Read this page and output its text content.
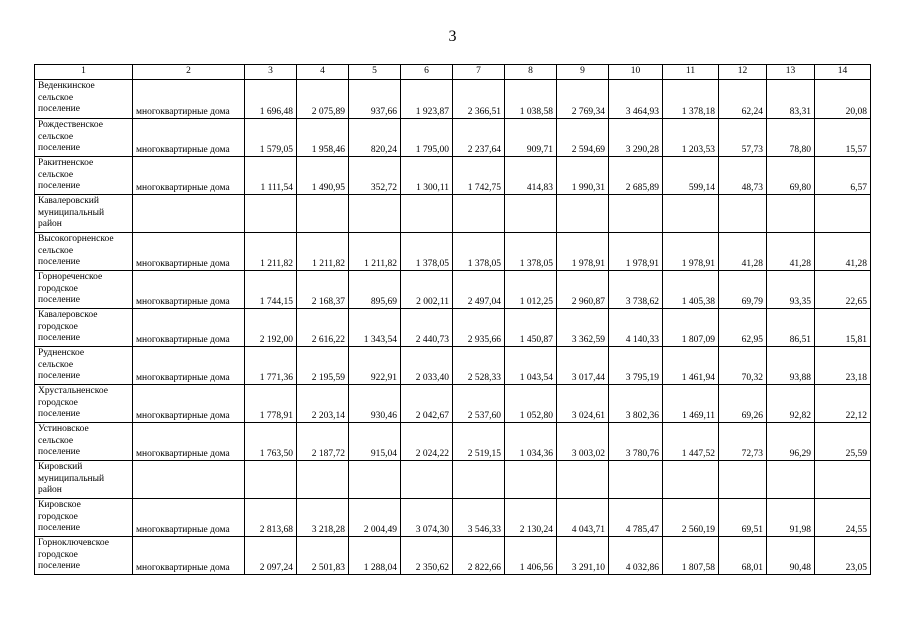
3
1	2	3	4	5	6	7	8	9	10	11	12	13	14

Веденкинское
сельское
поселение	многоквартирные дома	1 696,48	2 075,89	937,66	1 923,87	2 366,51	1 038,58	2 769,34	3 464,93	1 378,18	62,24	83,31	20,08

Рождественское
сельское
поселение	многоквартирные дома	1 579,05	1 958,46	820,24	1 795,00	2 237,64	909,71	2 594,69	3 290,28	1 203,53	57,73	78,80	15,57

Ракитненское
сельское
поселение	многоквартирные дома	1 111,54	1 490,95	352,72	1 300,11	1 742,75	414,83	1 990,31	2 685,89	599,14	48,73	69,80	6,57

Кавалеровский
муниципальный
район													

Высокогорненское
сельское
поселение	многоквартирные дома	1 211,82	1 211,82	1 211,82	1 378,05	1 378,05	1 378,05	1 978,91	1 978,91	1 978,91	41,28	41,28	41,28

Горнореченское
городское
поселение	многоквартирные дома	1 744,15	2 168,37	895,69	2 002,11	2 497,04	1 012,25	2 960,87	3 738,62	1 405,38	69,79	93,35	22,65

Кавалеровское
городское
поселение	многоквартирные дома	2 192,00	2 616,22	1 343,54	2 440,73	2 935,66	1 450,87	3 362,59	4 140,33	1 807,09	62,95	86,51	15,81

Рудненское
сельское
поселение	многоквартирные дома	1 771,36	2 195,59	922,91	2 033,40	2 528,33	1 043,54	3 017,44	3 795,19	1 461,94	70,32	93,88	23,18

Хрустальненское
городское
поселение	многоквартирные дома	1 778,91	2 203,14	930,46	2 042,67	2 537,60	1 052,80	3 024,61	3 802,36	1 469,11	69,26	92,82	22,12

Устиновское
сельское
поселение	многоквартирные дома	1 763,50	2 187,72	915,04	2 024,22	2 519,15	1 034,36	3 003,02	3 780,76	1 447,52	72,73	96,29	25,59

Кировский
муниципальный
район													

Кировское
городское
поселение	многоквартирные дома	2 813,68	3 218,28	2 004,49	3 074,30	3 546,33	2 130,24	4 043,71	4 785,47	2 560,19	69,51	91,98	24,55

Горноключевское
городское
поселение	многоквартирные дома	2 097,24	2 501,83	1 288,04	2 350,62	2 822,66	1 406,56	3 291,10	4 032,86	1 807,58	68,01	90,48	23,05
